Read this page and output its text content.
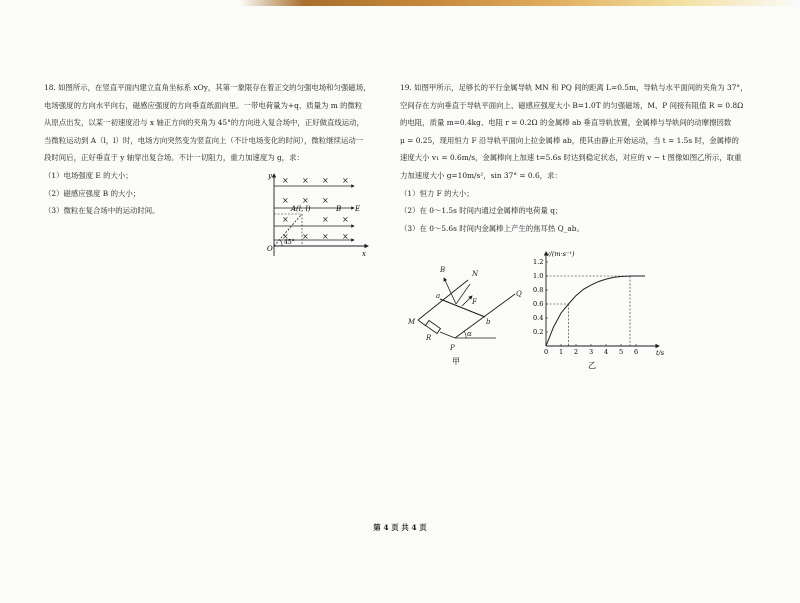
18. 如图所示，在竖直平面内建立直角坐标系 xOy，其第一象限存在着正交的匀强电场和匀强磁场，

电场强度的方向水平向右，磁感应强度的方向垂直纸面向里。一带电荷量为+q、质量为 m 的微粒

从原点出发，以某一初速度沿与 x 轴正方向的夹角为 45°的方向进入复合场中，正好做直线运动，

当微粒运动到 A（l，l）时，电场方向突然变为竖直向上（不计电场变化的时间），微粒继续运动一

段时间后，正好垂直于 y 轴穿出复合场。不计一切阻力，重力加速度为 g，求：

（1）电场强度 E 的大小；

（2）磁感应强度 B 的大小；

（3）微粒在复合场中的运动时间。

y
x
O
× × × ×
× × ×
×	× ×
× × × ×
45°
A(l, l)	B E

19. 如图甲所示，足够长的平行金属导轨 MN 和 PQ 间的距离 L=0.5m，导轨与水平面间的夹角为 37°，

空间存在方向垂直于导轨平面向上、磁感应强度大小 B=1.0T 的匀强磁场，M、P 间接有阻值 R = 0.8Ω

的电阻，质量 m=0.4kg、电阻 r = 0.2Ω 的金属棒 ab 垂直导轨放置，金属棒与导轨间的动摩擦因数

μ = 0.25，现用恒力 F 沿导轨平面向上拉金属棒 ab，使其由静止开始运动，当 t = 1.5s 时，金属棒的

速度大小 v₁ = 0.6m/s，金属棒向上加速 t=5.6s 时达到稳定状态，对应的 v − t 图像如图乙所示，取重

力加速度大小 g=10m/s²，sin 37° = 0.6，求：

（1）恒力 F 的大小；

（2）在 0～1.5s 时间内通过金属棒的电荷量 q；

（3）在 0～5.6s 时间内金属棒上产生的焦耳热 Q_ab。

B	N
Q
M
R
P
a
b
F
α
甲
0 1 2 3 4 5 6
0.2
0.4
0.6
0.8
1.0
1.2
v/(m·s⁻¹)
t/s
乙
第 4 页 共 4 页
